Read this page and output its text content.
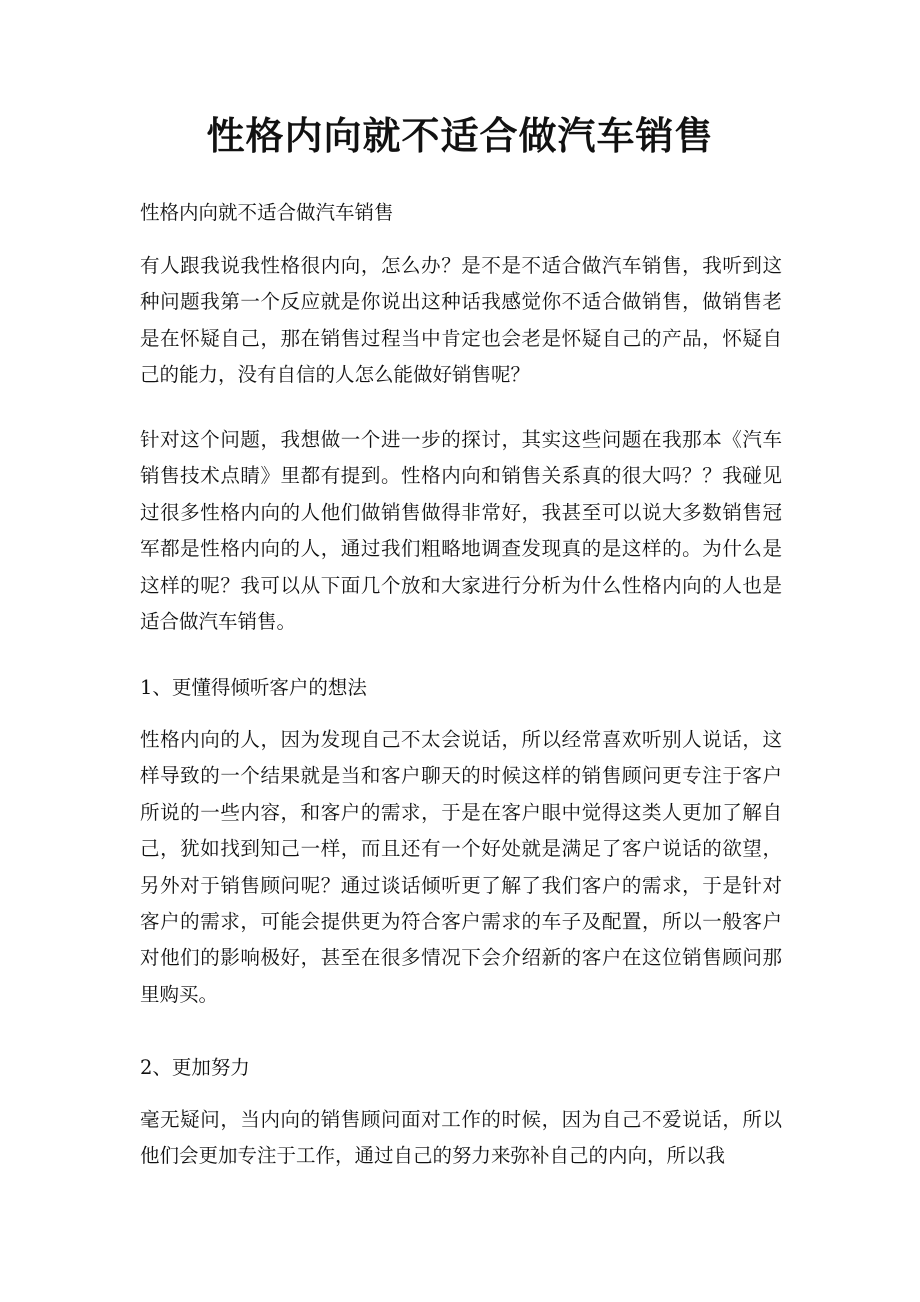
性格内向就不适合做汽车销售

性格内向就不适合做汽车销售

有人跟我说我性格很内向，怎么办？是不是不适合做汽车销售，我听到这种问题我第一个反应就是你说出这种话我感觉你不适合做销售，做销售老是在怀疑自己，那在销售过程当中肯定也会老是怀疑自己的产品，怀疑自己的能力，没有自信的人怎么能做好销售呢？

针对这个问题，我想做一个进一步的探讨，其实这些问题在我那本《汽车销售技术点睛》里都有提到。性格内向和销售关系真的很大吗？？我碰见过很多性格内向的人他们做销售做得非常好，我甚至可以说大多数销售冠军都是性格内向的人，通过我们粗略地调查发现真的是这样的。为什么是这样的呢？我可以从下面几个放和大家进行分析为什么性格内向的人也是适合做汽车销售。

1、更懂得倾听客户的想法

性格内向的人，因为发现自己不太会说话，所以经常喜欢听别人说话，这样导致的一个结果就是当和客户聊天的时候这样的销售顾问更专注于客户所说的一些内容，和客户的需求，于是在客户眼中觉得这类人更加了解自己，犹如找到知己一样，而且还有一个好处就是满足了客户说话的欲望，另外对于销售顾问呢？通过谈话倾听更了解了我们客户的需求，于是针对客户的需求，可能会提供更为符合客户需求的车子及配置，所以一般客户对他们的影响极好，甚至在很多情况下会介绍新的客户在这位销售顾问那里购买。

2、更加努力

毫无疑问，当内向的销售顾问面对工作的时候，因为自己不爱说话，所以他们会更加专注于工作，通过自己的努力来弥补自己的内向，所以我
